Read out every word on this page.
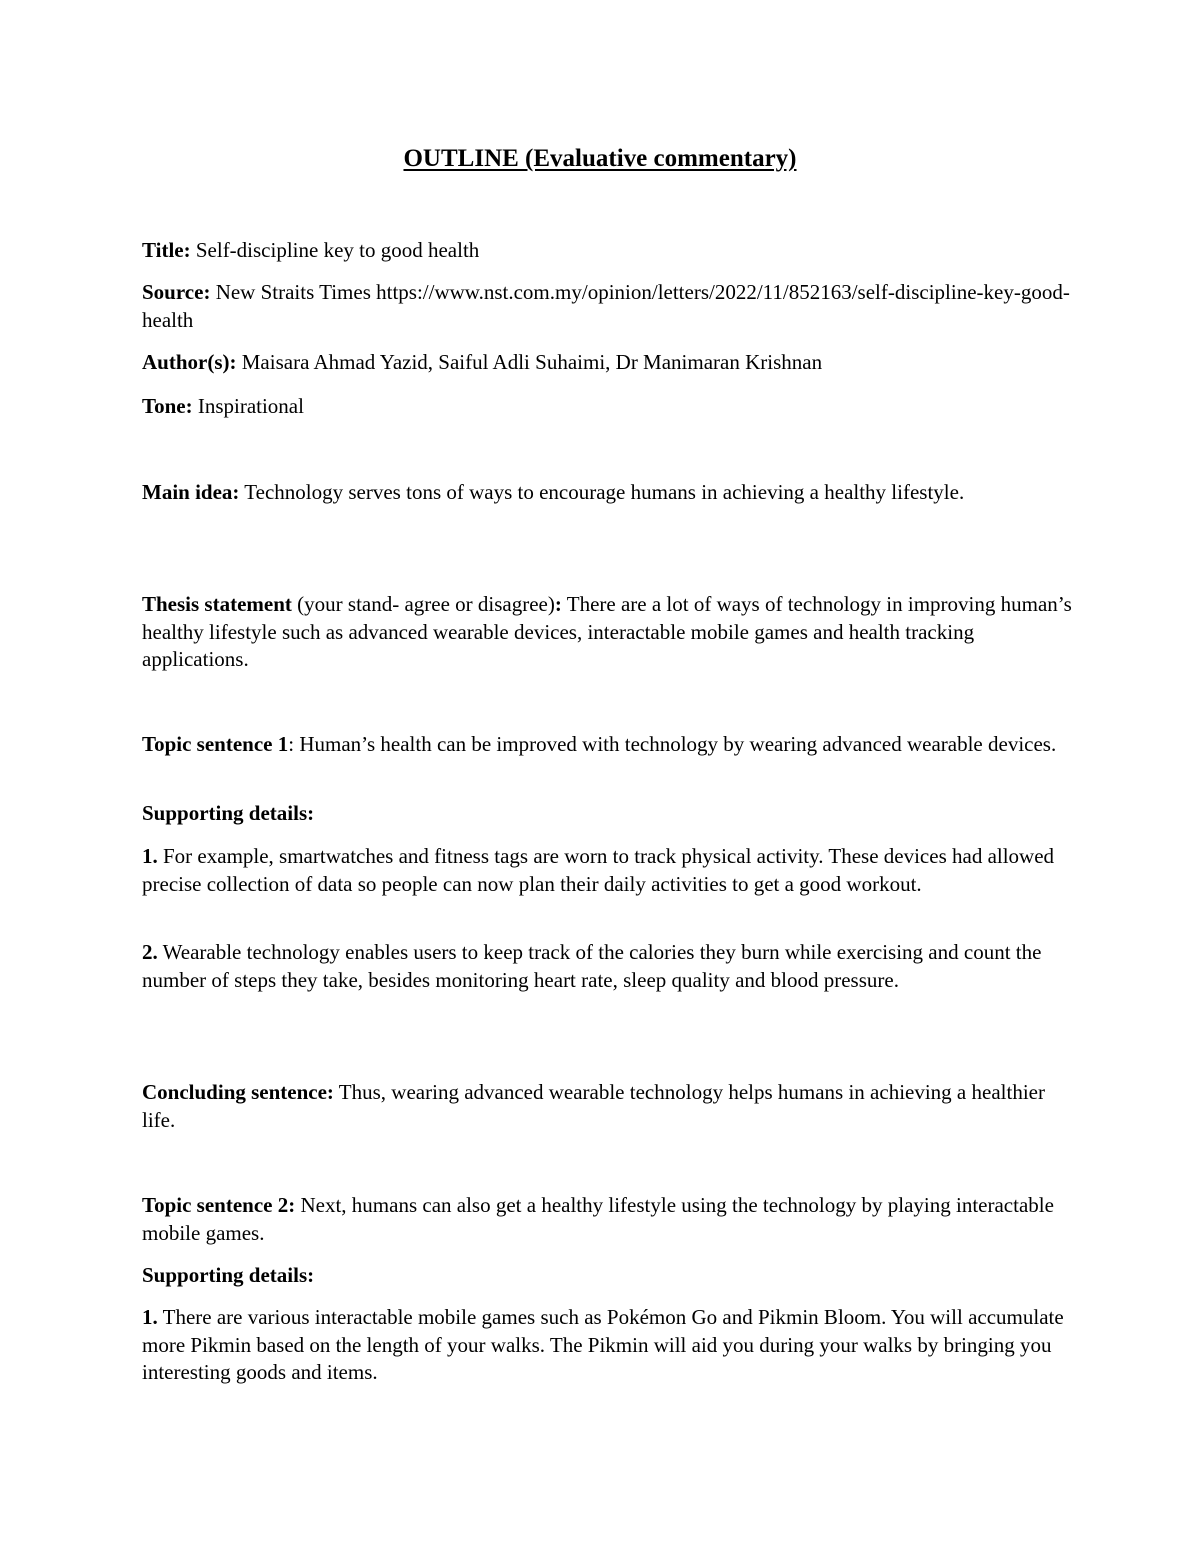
OUTLINE (Evaluative commentary)
Title: Self-discipline key to good health
Source: New Straits Times https://www.nst.com.my/opinion/letters/2022/11/852163/self-discipline-key-good-health
Author(s): Maisara Ahmad Yazid, Saiful Adli Suhaimi, Dr Manimaran Krishnan
Tone: Inspirational
Main idea: Technology serves tons of ways to encourage humans in achieving a healthy lifestyle.
Thesis statement (your stand- agree or disagree): There are a lot of ways of technology in improving human’s healthy lifestyle such as advanced wearable devices, interactable mobile games and health tracking applications.
Topic sentence 1: Human’s health can be improved with technology by wearing advanced wearable devices.
Supporting details:
1. For example, smartwatches and fitness tags are worn to track physical activity. These devices had allowed precise collection of data so people can now plan their daily activities to get a good workout.
2. Wearable technology enables users to keep track of the calories they burn while exercising and count the number of steps they take, besides monitoring heart rate, sleep quality and blood pressure.
Concluding sentence: Thus, wearing advanced wearable technology helps humans in achieving a healthier life.
Topic sentence 2: Next, humans can also get a healthy lifestyle using the technology by playing interactable mobile games.
Supporting details:
1. There are various interactable mobile games such as Pokémon Go and Pikmin Bloom. You will accumulate more Pikmin based on the length of your walks. The Pikmin will aid you during your walks by bringing you interesting goods and items.
